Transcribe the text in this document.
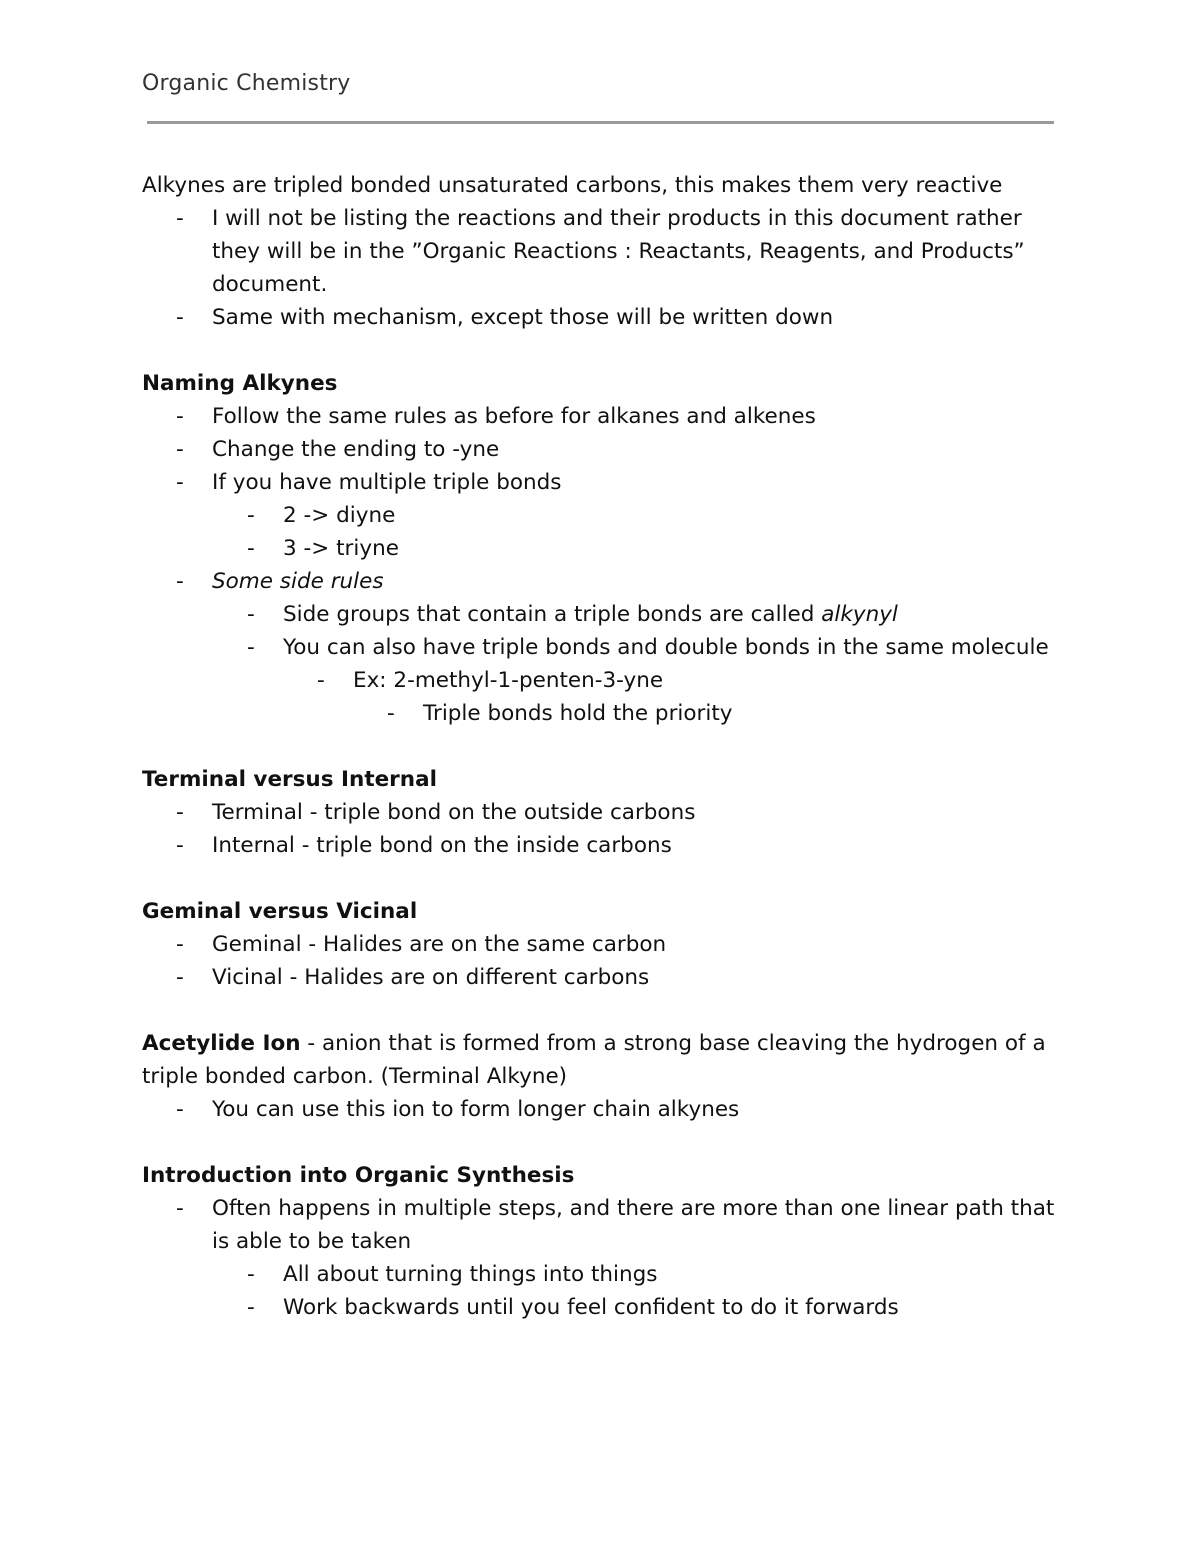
Organic Chemistry

Alkynes are tripled bonded unsaturated carbons, this makes them very reactive

- I will not be listing the reactions and their products in this document rather they will be in the ”Organic Reactions : Reactants, Reagents, and Products” document.
- Same with mechanism, except those will be written down

Naming Alkynes

- Follow the same rules as before for alkanes and alkenes
- Change the ending to -yne
- If you have multiple triple bonds
- 2 -> diyne
- 3 -> triyne
- Some side rules
- Side groups that contain a triple bonds are called alkynyl
- You can also have triple bonds and double bonds in the same molecule
- Ex: 2-methyl-1-penten-3-yne
- Triple bonds hold the priority

Terminal versus Internal

- Terminal - triple bond on the outside carbons
- Internal - triple bond on the inside carbons

Geminal versus Vicinal

- Geminal - Halides are on the same carbon
- Vicinal - Halides are on different carbons

Acetylide Ion - anion that is formed from a strong base cleaving the hydrogen of a triple bonded carbon. (Terminal Alkyne)

- You can use this ion to form longer chain alkynes

Introduction into Organic Synthesis

- Often happens in multiple steps, and there are more than one linear path that is able to be taken
- All about turning things into things
- Work backwards until you feel confident to do it forwards
